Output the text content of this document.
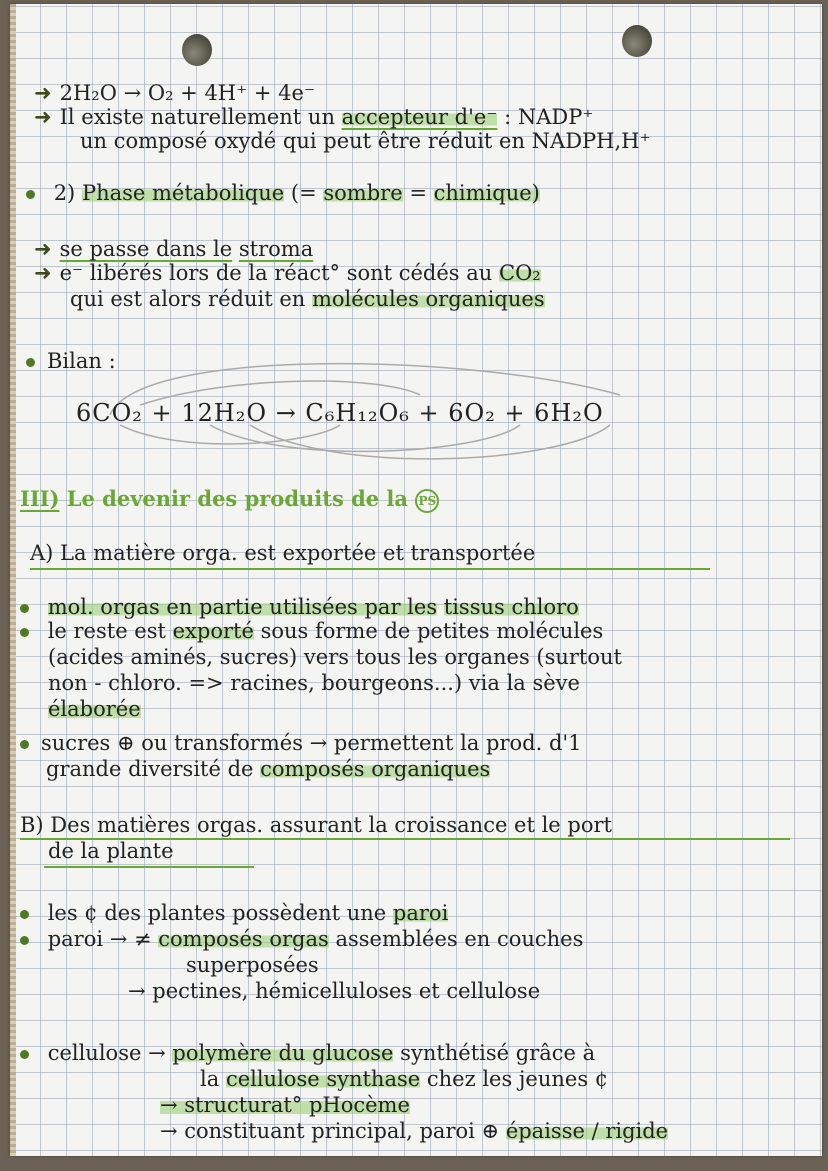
➜ 2H₂O → O₂ + 4H⁺ + 4e⁻
➜ Il existe naturellement un accepteur d'e⁻ : NADP⁺
un composé oxydé qui peut être réduit en NADPH,H⁺
2) Phase métabolique (= sombre = chimique)
➜ se passe dans le stroma
➜ e⁻ libérés lors de la réact° sont cédés au CO₂
qui est alors réduit en molécules organiques
Bilan :
6CO₂ + 12H₂O → C₆H₁₂O₆ + 6O₂ + 6H₂O
III) Le devenir des produits de la PS
A) La matière orga. est exportée et transportée
mol. orgas en partie utilisées par les tissus chloro
le reste est exporté sous forme de petites molécules
(acides aminés, sucres) vers tous les organes (surtout
non - chloro. => racines, bourgeons...) via la sève
élaborée
sucres ⊕ ou transformés → permettent la prod. d'1
grande diversité de composés organiques
B) Des matières orgas. assurant la croissance et le port
de la plante
les ¢ des plantes possèdent une paroi
paroi → ≠ composés orgas assemblées en couches
superposées
→ pectines, hémicelluloses et cellulose
cellulose → polymère du glucose synthétisé grâce à
la cellulose synthase chez les jeunes ¢
→ structurat° pHocème
→ constituant principal, paroi ⊕ épaisse / rigide
